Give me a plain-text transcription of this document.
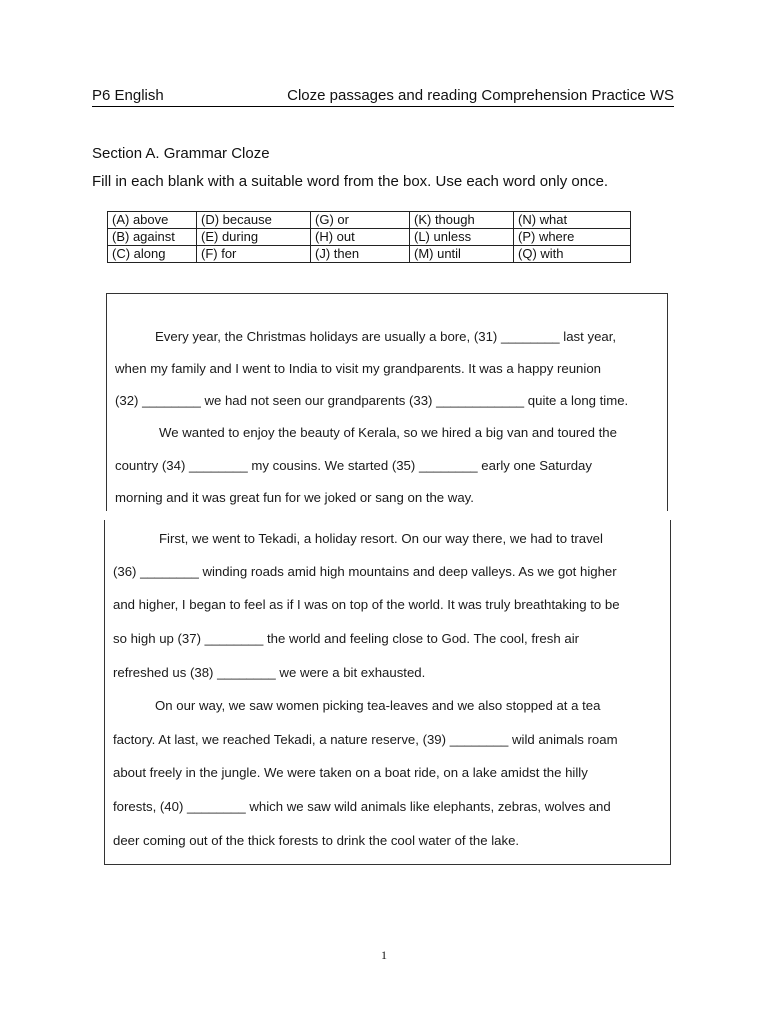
P6 English	Cloze passages and reading Comprehension Practice WS
Section A. Grammar Cloze
Fill in each blank with a suitable word from the box. Use each word only once.
(A) above	(D) because	(G) or	(K) though	(N) what
(B) against	(E) during	(H) out	(L) unless	(P) where
(C) along	(F) for	(J) then	(M) until	(Q) with
Every year, the Christmas holidays are usually a bore, (31) ________ last year,
when my family and I went to India to visit my grandparents. It was a happy reunion
(32) ________ we had not seen our grandparents (33) ____________ quite a long time.
We wanted to enjoy the beauty of Kerala, so we hired a big van and toured the
country (34) ________ my cousins. We started (35) ________ early one Saturday
morning and it was great fun for we joked or sang on the way.
First, we went to Tekadi, a holiday resort. On our way there, we had to travel
(36) ________ winding roads amid high mountains and deep valleys. As we got higher
and higher, I began to feel as if I was on top of the world. It was truly breathtaking to be
so high up (37) ________ the world and feeling close to God. The cool, fresh air
refreshed us (38) ________ we were a bit exhausted.
On our way, we saw women picking tea-leaves and we also stopped at a tea
factory. At last, we reached Tekadi, a nature reserve, (39) ________ wild animals roam
about freely in the jungle. We were taken on a boat ride, on a lake amidst the hilly
forests, (40) ________ which we saw wild animals like elephants, zebras, wolves and
deer coming out of the thick forests to drink the cool water of the lake.
1
